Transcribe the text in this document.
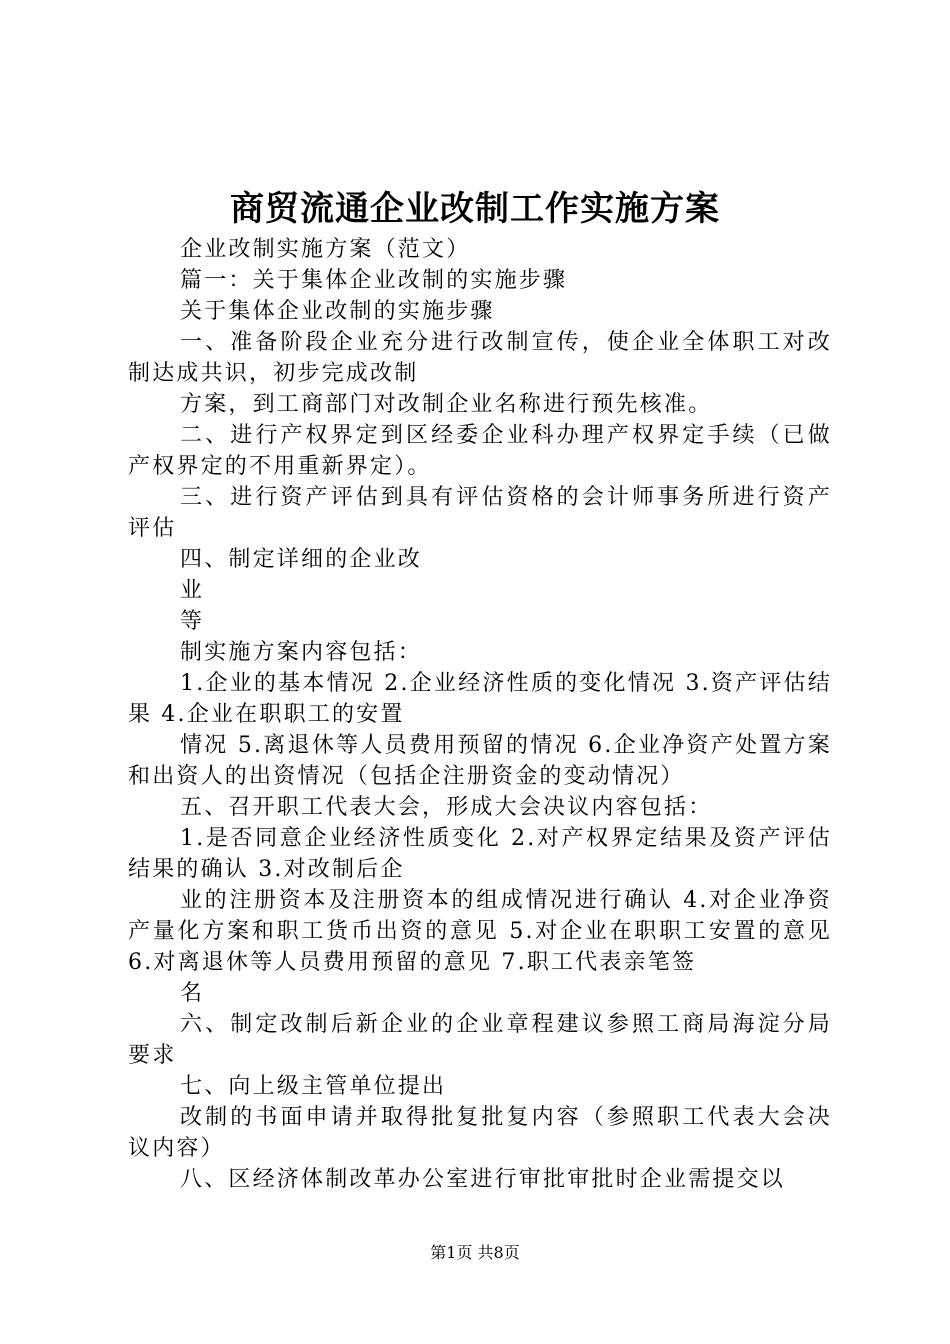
商贸流通企业改制工作实施方案

企业改制实施方案（范文）

篇一：关于集体企业改制的实施步骤

关于集体企业改制的实施步骤

一、准备阶段企业充分进行改制宣传，使企业全体职工对改制达成共识，初步完成改制

方案，到工商部门对改制企业名称进行预先核准。

二、进行产权界定到区经委企业科办理产权界定手续（已做产权界定的不用重新界定）。

三、进行资产评估到具有评估资格的会计师事务所进行资产评估

四、制定详细的企业改

业

等

制实施方案内容包括：

1.企业的基本情况 2.企业经济性质的变化情况 3.资产评估结果 4.企业在职职工的安置

情况 5.离退休等人员费用预留的情况 6.企业净资产处置方案和出资人的出资情况（包括企注册资金的变动情况）

五、召开职工代表大会，形成大会决议内容包括：

1.是否同意企业经济性质变化 2.对产权界定结果及资产评估结果的确认 3.对改制后企

业的注册资本及注册资本的组成情况进行确认 4.对企业净资产量化方案和职工货币出资的意见 5.对企业在职职工安置的意见 6.对离退休等人员费用预留的意见 7.职工代表亲笔签

名

六、制定改制后新企业的企业章程建议参照工商局海淀分局要求

七、向上级主管单位提出

改制的书面申请并取得批复批复内容（参照职工代表大会决议内容）

八、区经济体制改革办公室进行审批审批时企业需提交以

第1页 共8页
